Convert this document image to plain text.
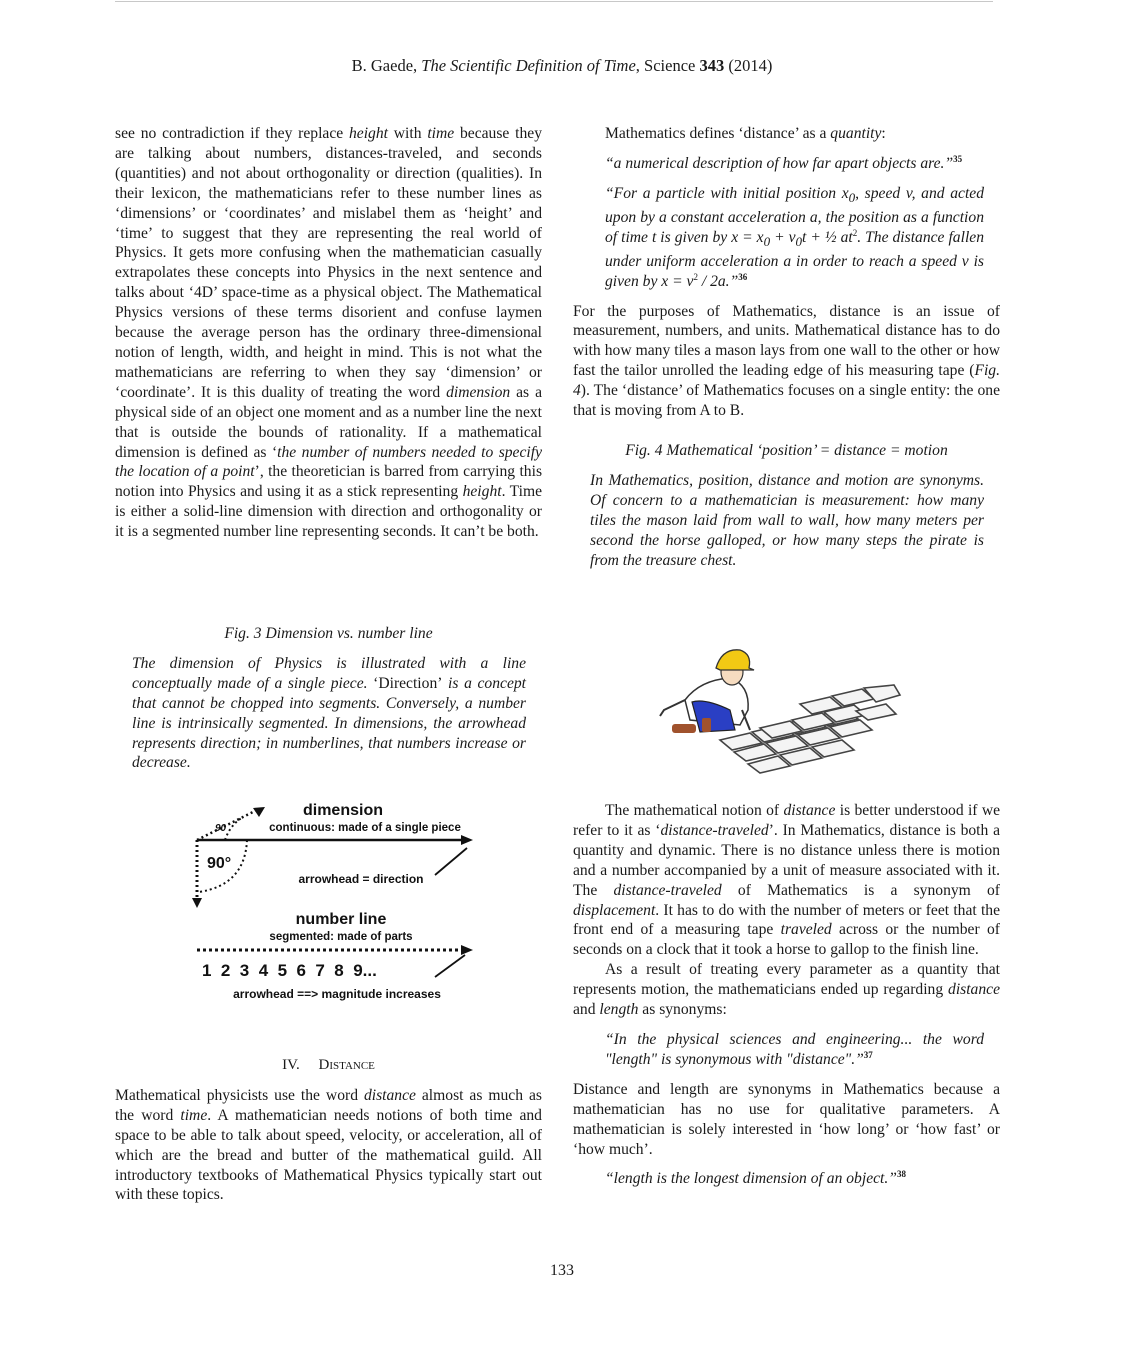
B. Gaede, The Scientific Definition of Time, Science 343 (2014)

see no contradiction if they replace height with time because they are talking about numbers, distances-traveled, and seconds (quantities) and not about orthogonality or direction (qualities). In their lexicon, the mathematicians refer to these number lines as ‘dimensions’ or ‘coordinates’ and mislabel them as ‘height’ and ‘time’ to suggest that they are representing the real world of Physics. It gets more confusing when the mathematician casually extrapolates these concepts into Physics in the next sentence and talks about ‘4D’ space-time as a physical object. The Mathematical Physics versions of these terms disorient and confuse laymen because the average person has the ordinary three-dimensional notion of length, width, and height in mind. This is not what the mathematicians are referring to when they say ‘dimension’ or ‘coordinate’. It is this duality of treating the word dimension as a physical side of an object one moment and as a number line the next that is outside the bounds of rationality. If a mathematical dimension is defined as ‘the number of numbers needed to specify the location of a point’, the theoretician is barred from carrying this notion into Physics and using it as a stick representing height. Time is either a solid-line dimension with direction and orthogonality or it is a segmented number line representing seconds. It can’t be both.

Fig. 3 Dimension vs. number line

The dimension of Physics is illustrated with a line conceptually made of a single piece. ‘Direction’ is a concept that cannot be chopped into segments. Conversely, a number line is intrinsically segmented. In dimensions, the arrowhead represents direction; in numberlines, that numbers increase or decrease.

90
90°
dimension
continuous: made of a single piece
arrowhead = direction
number line
segmented: made of parts
1  2  3  4  5  6  7  8  9...
arrowhead ==> magnitude increases

IV. Distance

Mathematical physicists use the word distance almost as much as the word time. A mathematician needs notions of both time and space to be able to talk about speed, velocity, or acceleration, all of which are the bread and butter of the mathematical guild. All introductory textbooks of Mathematical Physics typically start out with these topics.

Mathematics defines ‘distance’ as a quantity:

“a numerical description of how far apart objects are.”$^{35}$

“For a particle with initial position $x_0$, speed v, and acted upon by a constant acceleration a, the position as a function of time t is given by $x = x_0 + v_0t$ + ½ $at^2$. The distance fallen under uniform acceleration a in order to reach a speed v is given by $x = v^2$ / 2a.”$^{36}$

For the purposes of Mathematics, distance is an issue of measurement, numbers, and units. Mathematical distance has to do with how many tiles a mason lays from one wall to the other or how fast the tailor unrolled the leading edge of his measuring tape (Fig. 4). The ‘distance’ of Mathematics focuses on a single entity: the one that is moving from A to B.

Fig. 4 Mathematical ‘position’ = distance = motion

In Mathematics, position, distance and motion are synonyms. Of concern to a mathematician is measurement: how many tiles the mason laid from wall to wall, how many meters per second the horse galloped, or how many steps the pirate is from the treasure chest.

The mathematical notion of distance is better understood if we refer to it as ‘distance-traveled’. In Mathematics, distance is both a quantity and dynamic. There is no distance unless there is motion and a number accompanied by a unit of measure associated with it. The distance-traveled of Mathematics is a synonym of displacement. It has to do with the number of meters or feet that the front end of a measuring tape traveled across or the number of seconds on a clock that it took a horse to gallop to the finish line.

As a result of treating every parameter as a quantity that represents motion, the mathematicians ended up regarding distance and length as synonyms:

“In the physical sciences and engineering... the word "length" is synonymous with "distance".”$^{37}$

Distance and length are synonyms in Mathematics because a mathematician has no use for qualitative parameters. A mathematician is solely interested in ‘how long’ or ‘how fast’ or ‘how much’.

“length is the longest dimension of an object.”$^{38}$

133
